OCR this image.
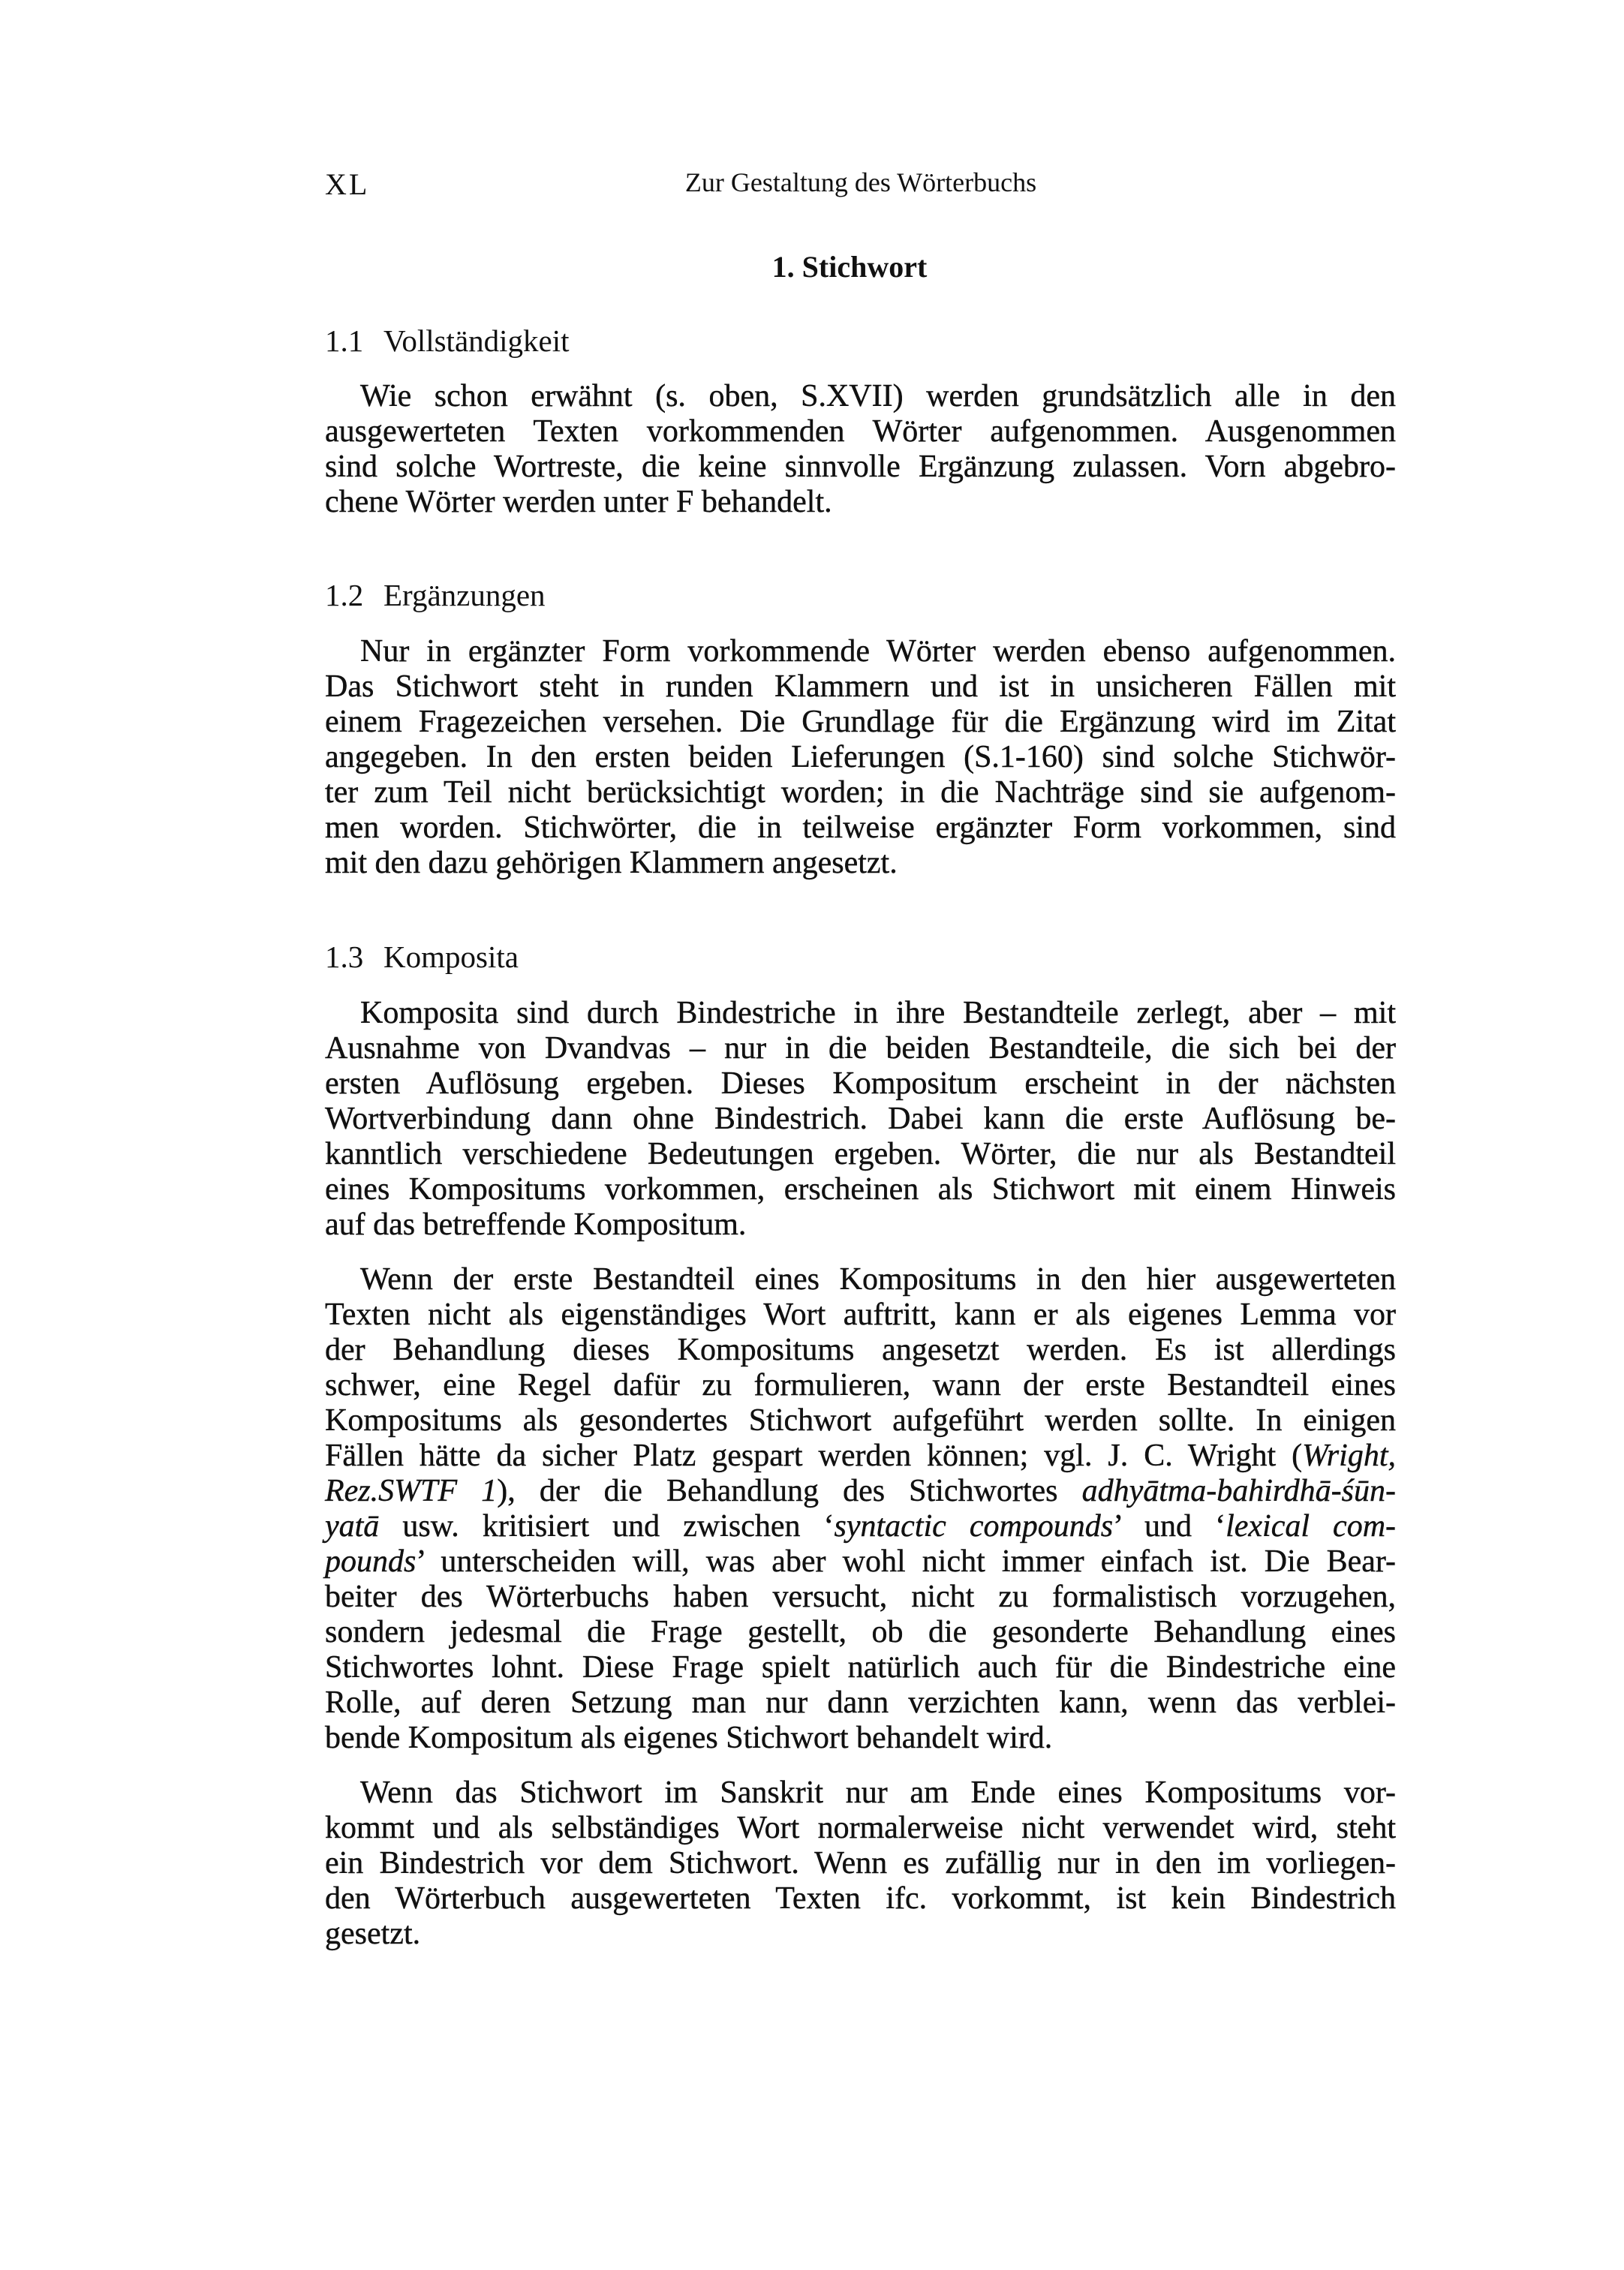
XL	Zur Gestaltung des Wörterbuchs
1. Stichwort
1.1 Vollständigkeit
Wie schon erwähnt (s. oben, S.XVII) werden grundsätzlich alle in den
ausgewerteten Texten vorkommenden Wörter aufgenommen. Ausgenommen
sind solche Wortreste, die keine sinnvolle Ergänzung zulassen. Vorn abgebro-
chene Wörter werden unter F behandelt.
1.2 Ergänzungen
Nur in ergänzter Form vorkommende Wörter werden ebenso aufgenommen.
Das Stichwort steht in runden Klammern und ist in unsicheren Fällen mit
einem Fragezeichen versehen. Die Grundlage für die Ergänzung wird im Zitat
angegeben. In den ersten beiden Lieferungen (S.1-160) sind solche Stichwör-
ter zum Teil nicht berücksichtigt worden; in die Nachträge sind sie aufgenom-
men worden. Stichwörter, die in teilweise ergänzter Form vorkommen, sind
mit den dazu gehörigen Klammern angesetzt.
1.3 Komposita
Komposita sind durch Bindestriche in ihre Bestandteile zerlegt, aber – mit
Ausnahme von Dvandvas – nur in die beiden Bestandteile, die sich bei der
ersten Auflösung ergeben. Dieses Kompositum erscheint in der nächsten
Wortverbindung dann ohne Bindestrich. Dabei kann die erste Auflösung be-
kanntlich verschiedene Bedeutungen ergeben. Wörter, die nur als Bestandteil
eines Kompositums vorkommen, erscheinen als Stichwort mit einem Hinweis
auf das betreffende Kompositum.
Wenn der erste Bestandteil eines Kompositums in den hier ausgewerteten
Texten nicht als eigenständiges Wort auftritt, kann er als eigenes Lemma vor
der Behandlung dieses Kompositums angesetzt werden. Es ist allerdings
schwer, eine Regel dafür zu formulieren, wann der erste Bestandteil eines
Kompositums als gesondertes Stichwort aufgeführt werden sollte. In einigen
Fällen hätte da sicher Platz gespart werden können; vgl. J. C. Wright (Wright,
Rez.SWTF 1), der die Behandlung des Stichwortes adhyātma-bahirdhā-śūn-
yatā usw. kritisiert und zwischen ‘syntactic compounds’ und ‘lexical com-
pounds’ unterscheiden will, was aber wohl nicht immer einfach ist. Die Bear-
beiter des Wörterbuchs haben versucht, nicht zu formalistisch vorzugehen,
sondern jedesmal die Frage gestellt, ob die gesonderte Behandlung eines
Stichwortes lohnt. Diese Frage spielt natürlich auch für die Bindestriche eine
Rolle, auf deren Setzung man nur dann verzichten kann, wenn das verblei-
bende Kompositum als eigenes Stichwort behandelt wird.
Wenn das Stichwort im Sanskrit nur am Ende eines Kompositums vor-
kommt und als selbständiges Wort normalerweise nicht verwendet wird, steht
ein Bindestrich vor dem Stichwort. Wenn es zufällig nur in den im vorliegen-
den Wörterbuch ausgewerteten Texten ifc. vorkommt, ist kein Bindestrich
gesetzt.
